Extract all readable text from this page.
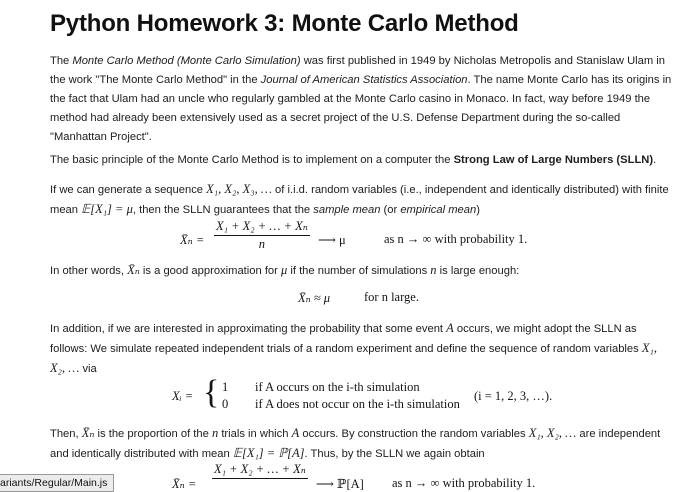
Python Homework 3: Monte Carlo Method
The Monte Carlo Method (Monte Carlo Simulation) was first published in 1949 by Nicholas Metropolis and Stanislaw Ulam in the work "The Monte Carlo Method" in the Journal of American Statistics Association. The name Monte Carlo has its origins in the fact that Ulam had an uncle who regularly gambled at the Monte Carlo casino in Monaco. In fact, way before 1949 the method had already been extensively used as a secret project of the U.S. Defense Department during the so-called "Manhattan Project".
The basic principle of the Monte Carlo Method is to implement on a computer the Strong Law of Large Numbers (SLLN).
If we can generate a sequence X₁, X₂, X₃, … of i.i.d. random variables (i.e., independent and identically distributed) with finite mean 𝔼[X₁] = μ, then the SLLN guarantees that the sample mean (or empirical mean)
X̄ₙ = $\frac{\text{X₁ + X₂ + … + Xₙ}}{n}$ ⟶ μ	as n → ∞ with probability 1.
In other words, X̄ₙ is a good approximation for μ if the number of simulations n is large enough:
X̄ₙ ≈ μ	for n large.
In addition, if we are interested in approximating the probability that some event A occurs, we might adopt the SLLN as follows: We simulate repeated independent trials of a random experiment and define the sequence of random variables X₁, X₂, … via
Xᵢ = { 1 if A occurs on the i-th simulation
0 if A does not occur on the i-th simulation
(i = 1, 2, 3, …).
Then, X̄ₙ is the proportion of the n trials in which A occurs. By construction the random variables X₁, X₂, … are independent and identically distributed with mean 𝔼[X₁] = ℙ[A]. Thus, by the SLLN we again obtain
X̄ₙ =
X₁ + X₂ + … + Xₙ
⟶ ℙ[A] as n → ∞ with probability 1.
ariants/Regular/Main.js
